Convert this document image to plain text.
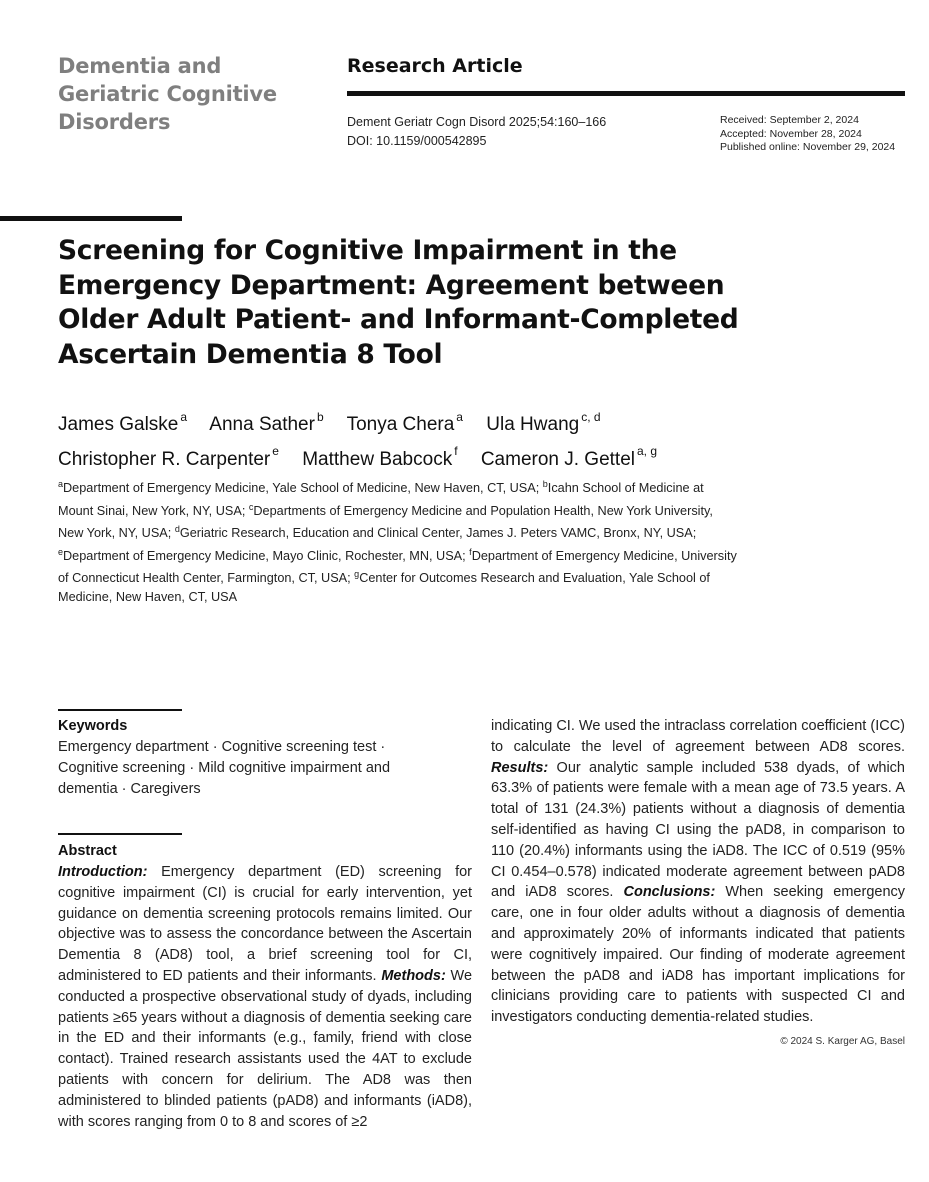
Dementia and
Geriatric Cognitive
Disorders
Research Article
Dement Geriatr Cogn Disord 2025;54:160–166
DOI: 10.1159/000542895
Received: September 2, 2024
Accepted: November 28, 2024
Published online: November 29, 2024
Screening for Cognitive Impairment in the
Emergency Department: Agreement between
Older Adult Patient- and Informant-Completed
Ascertain Dementia 8 Tool
James Galske $^a$ Anna Sather $^b$ Tonya Chera $^a$ Ula Hwang $^{c, d}$
Christopher R. Carpenter $^e$ Matthew Babcock $^f$ Cameron J. Gettel $^{a, g}$
$^a$Department of Emergency Medicine, Yale School of Medicine, New Haven, CT, USA; $^b$Icahn School of Medicine at Mount Sinai, New York, NY, USA; $^c$Departments of Emergency Medicine and Population Health, New York University, New York, NY, USA; $^d$Geriatric Research, Education and Clinical Center, James J. Peters VAMC, Bronx, NY, USA; $^e$Department of Emergency Medicine, Mayo Clinic, Rochester, MN, USA; $^f$Department of Emergency Medicine, University of Connecticut Health Center, Farmington, CT, USA; $^g$Center for Outcomes Research and Evaluation, Yale School of Medicine, New Haven, CT, USA
Keywords
Emergency department · Cognitive screening test · Cognitive screening · Mild cognitive impairment and dementia · Caregivers
Abstract
Introduction: Emergency department (ED) screening for cognitive impairment (CI) is crucial for early intervention, yet guidance on dementia screening protocols remains limited. Our objective was to assess the concordance between the Ascertain Dementia 8 (AD8) tool, a brief screening tool for CI, administered to ED patients and their informants. Methods: We conducted a prospective observational study of dyads, including patients ≥65 years without a diagnosis of dementia seeking care in the ED and their informants (e.g., family, friend with close contact). Trained research assistants used the 4AT to exclude patients with concern for delirium. The AD8 was then administered to blinded patients (pAD8) and informants (iAD8), with scores ranging from 0 to 8 and scores of ≥2
indicating CI. We used the intraclass correlation coefficient (ICC) to calculate the level of agreement between AD8 scores. Results: Our analytic sample included 538 dyads, of which 63.3% of patients were female with a mean age of 73.5 years. A total of 131 (24.3%) patients without a diagnosis of dementia self-identified as having CI using the pAD8, in comparison to 110 (20.4%) informants using the iAD8. The ICC of 0.519 (95% CI 0.454–0.578) indicated moderate agreement between pAD8 and iAD8 scores. Conclusions: When seeking emergency care, one in four older adults without a diagnosis of dementia and approximately 20% of informants indicated that patients were cognitively impaired. Our finding of moderate agreement between the pAD8 and iAD8 has important implications for clinicians providing care to patients with suspected CI and investigators conducting dementia-related studies.
© 2024 S. Karger AG, Basel
